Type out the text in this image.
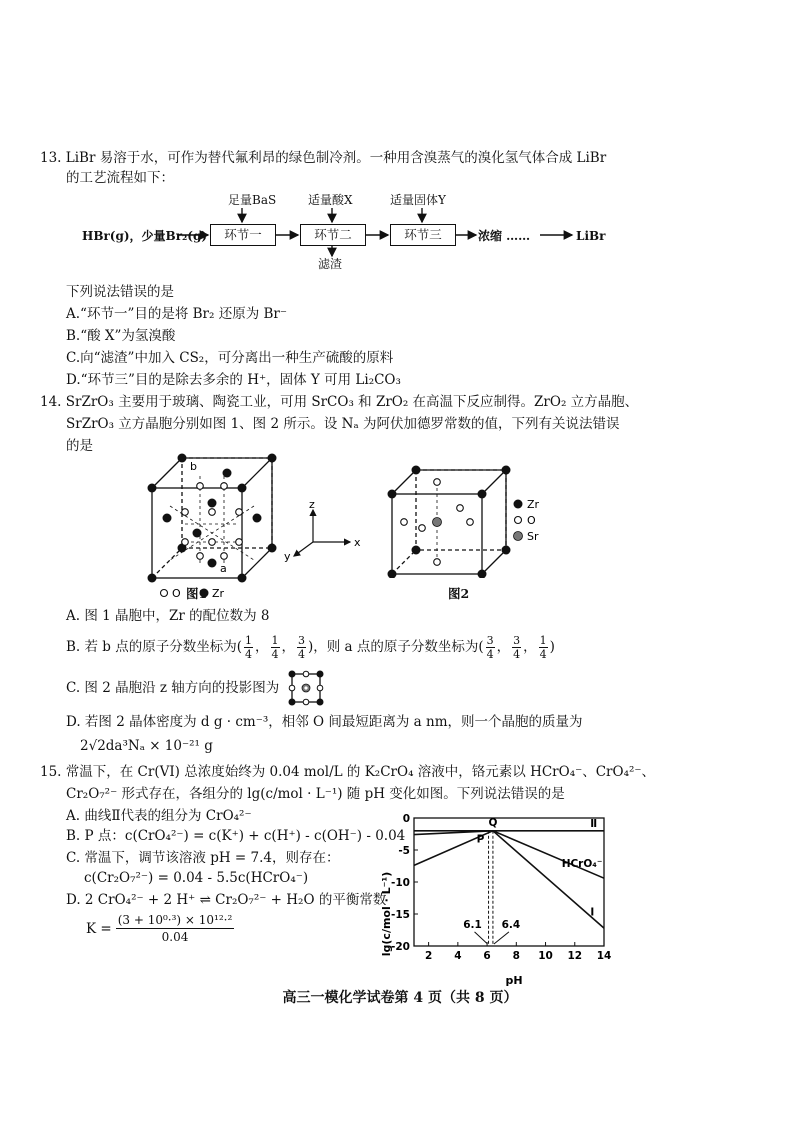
13. LiBr 易溶于水，可作为替代氟利昂的绿色制冷剂。一种用含溴蒸气的溴化氢气体合成 LiBr
的工艺流程如下：
足量BaS	适量酸X	适量固体Y
HBr(g)，少量Br₂(g)	环节一	环节二	环节三	浓缩 ……	LiBr
滤渣
下列说法错误的是
A.“环节一”目的是将 Br₂ 还原为 Br⁻
B.“酸 X”为氢溴酸
C.向“滤渣”中加入 CS₂，可分离出一种生产硫酸的原料
D.“环节三”目的是除去多余的 H⁺，固体 Y 可用 Li₂CO₃
14. SrZrO₃ 主要用于玻璃、陶瓷工业，可用 SrCO₃ 和 ZrO₂ 在高温下反应制得。ZrO₂ 立方晶胞、
SrZrO₃ 立方晶胞分别如图 1、图 2 所示。设 Nₐ 为阿伏加德罗常数的值，下列有关说法错误
的是
b
a
O	Zr
图1
z
x
y
Zr
O
Sr
图2
A. 图 1 晶胞中，Zr 的配位数为 8
B. 若 b 点的原子分数坐标为( 1
4 ， 1
4 ， 3
4 )，则 a 点的原子分数坐标为( 3
4 ， 3
4 ， 1
4 )
C. 图 2 晶胞沿 z 轴方向的投影图为
D. 若图 2 晶体密度为 d g · cm⁻³，相邻 O 间最短距离为 a nm，则一个晶胞的质量为
2√2da³Nₐ × 10⁻²¹ g
15. 常温下，在 Cr(VI) 总浓度始终为 0.04 mol/L 的 K₂CrO₄ 溶液中，铬元素以 HCrO₄⁻、CrO₄²⁻、
Cr₂O₇²⁻ 形式存在，各组分的 lg(c/mol · L⁻¹) 随 pH 变化如图。下列说法错误的是
A. 曲线Ⅱ代表的组分为 CrO₄²⁻
B. P 点：c(CrO₄²⁻) = c(K⁺) + c(H⁺) - c(OH⁻) - 0.04
C. 常温下，调节该溶液 pH = 7.4，则存在：
c(Cr₂O₇²⁻) = 0.04 - 5.5c(HCrO₄⁻)
D. 2 CrO₄²⁻ + 2 H⁺ ⇌ Cr₂O₇²⁻ + H₂O 的平衡常数
$K = \frac{\text{(3 + 10⁰·³) × 10¹²·²}}{0.04}$
2 4 6 8 10 12 14
0
-5
-10
-15
-20
Ⅱ
HCrO₄⁻
Ⅰ
Q
P
6.1 6.4
lg(c/mol · L⁻¹)
pH
高三一模化学试卷第 4 页（共 8 页）
